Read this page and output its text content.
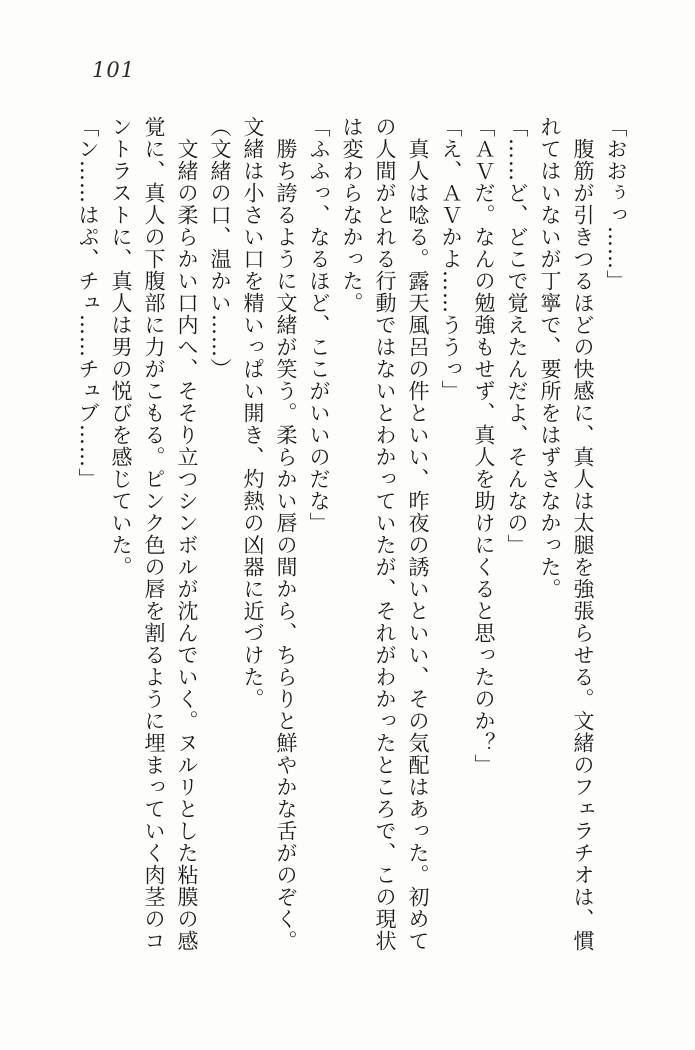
101

「おおぅっ……」

腹筋が引きつるほどの快感に、真人は太腿を強張らせる。文緒のフェラチオは、慣れてはいないが丁寧で、要所をはずさなかった。

「……ど、どこで覚えたんだよ、そんなの」

「ＡＶだ。なんの勉強もせず、真人を助けにくると思ったのか？」

「え、ＡＶかよ……ううっ」

真人は唸る。露天風呂の件といい、昨夜の誘いといい、その気配はあった。初めての人間がとれる行動ではないとわかっていたが、それがわかったところで、この現状は変わらなかった。

「ふふっ、なるほど、ここがいいのだな」

勝ち誇るように文緒が笑う。柔らかい唇の間から、ちらりと鮮やかな舌がのぞく。文緒は小さい口を精いっぱい開き、灼熱の凶器に近づけた。

（文緒の口、温かい……）

文緒の柔らかい口内へ、そそり立つシンボルが沈んでいく。ヌルリとした粘膜の感覚に、真人の下腹部に力がこもる。ピンク色の唇を割るように埋まっていく肉茎のコントラストに、真人は男の悦びを感じていた。

「ン……はぷ、チュ……チュブ……」
